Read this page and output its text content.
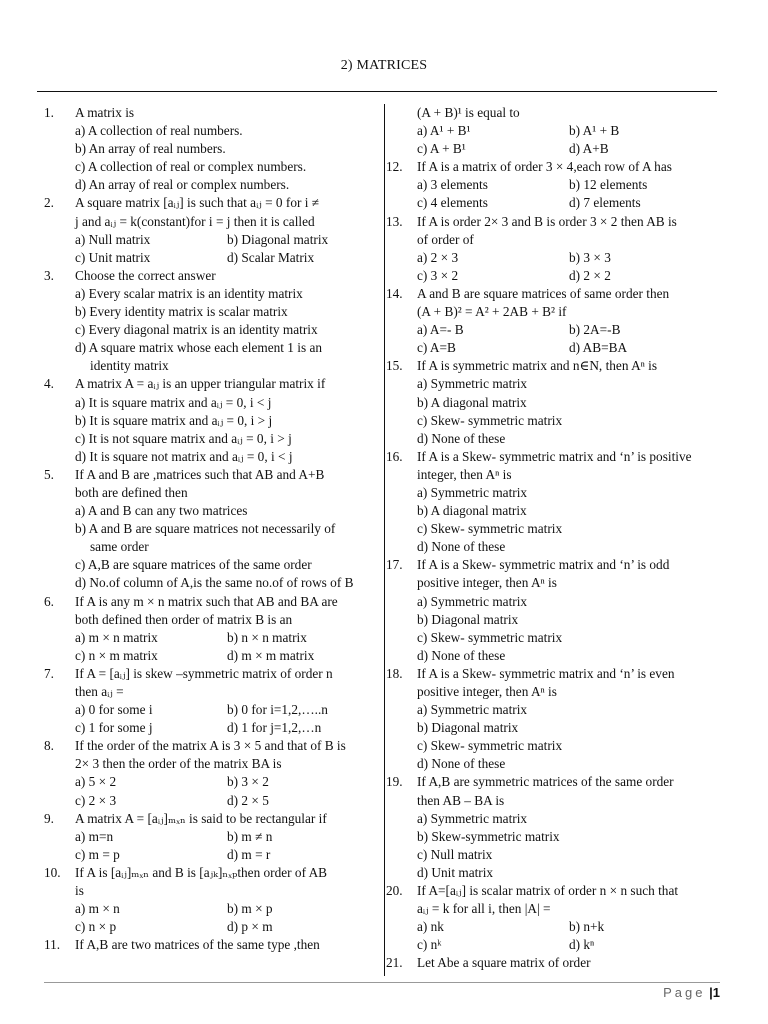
2) MATRICES
1.	A matrix is
a) A collection of real numbers.
b) An array of real numbers.
c) A collection of real or complex numbers.
d) An array of real or complex numbers.
2.	A square matrix [aᵢⱼ] is such that aᵢⱼ = 0 for i ≠
j and aᵢⱼ = k(constant)for i = j then it is called
a) Null matrix	b) Diagonal matrix
c) Unit matrix	d) Scalar Matrix
3.	Choose the correct answer
a) Every scalar matrix is an identity matrix
b) Every identity matrix is scalar matrix
c) Every diagonal matrix is an identity matrix
d) A square matrix whose each element 1 is an
identity matrix
4.	A matrix A = aᵢⱼ is an upper triangular matrix if
a) It is square matrix and aᵢⱼ = 0, i < j
b) It is square matrix and aᵢⱼ = 0, i > j
c) It is not square matrix and aᵢⱼ = 0, i > j
d) It is square not matrix and aᵢⱼ = 0, i < j
5.	If A and B are ,matrices such that AB and A+B
both are defined then
a) A and B can any two matrices
b) A and B are square matrices not necessarily of
same order
c) A,B are square matrices of the same order
d) No.of column of A,is the same no.of of rows of B
6.	If A is any m × n matrix such that AB and BA are
both defined then order of matrix B is an
a) m × n matrix	b) n × n matrix
c) n × m matrix	d) m × m matrix
7.	If A = [aᵢⱼ] is skew –symmetric matrix of order n
then aᵢⱼ =
a) 0 for some i	b) 0 for i=1,2,…..n
c) 1 for some j	d) 1 for j=1,2,…n
8.	If the order of the matrix A is 3 × 5 and that of B is
2× 3 then the order of the matrix BA is
a) 5 × 2	b) 3 × 2
c) 2 × 3	d) 2 × 5
9.	A matrix A = [aᵢⱼ]ₘₓₙ is said to be rectangular if
a) m=n	b) m ≠ n
c) m = p	d) m = r
10.	If A is [aᵢⱼ]ₘₓₙ and B is [aⱼₖ]ₙₓₚthen order of AB
is
a) m × n	b) m × p
c) n × p	d) p × m
11.	If A,B are two matrices of the same type ,then
(A + B)¹ is equal to
a) A¹ + B¹	b) A¹ + B
c) A + B¹	d) A+B
12.	If A is a matrix of order 3 × 4,each row of A has
a) 3 elements	b) 12 elements
c) 4 elements	d) 7 elements
13.	If A is order 2× 3 and B is order 3 × 2 then AB is
of order of
a) 2 × 3	b) 3 × 3
c) 3 × 2	d) 2 × 2
14.	A and B are square matrices of same order then
(A + B)² = A² + 2AB + B² if
a) A=- B	b) 2A=-B
c) A=B	d) AB=BA
15.	If A is symmetric matrix and n∈N, then Aⁿ is
a) Symmetric matrix
b) A diagonal matrix
c) Skew- symmetric matrix
d) None of these
16.	If A is a Skew- symmetric matrix and ‘n’ is positive
integer, then Aⁿ is
a) Symmetric matrix
b) A diagonal matrix
c) Skew- symmetric matrix
d) None of these
17.	If A is a Skew- symmetric matrix and ‘n’ is odd
positive integer, then Aⁿ is
a) Symmetric matrix
b) Diagonal matrix
c) Skew- symmetric matrix
d) None of these
18.	If A is a Skew- symmetric matrix and ‘n’ is even
positive integer, then Aⁿ is
a) Symmetric matrix
b) Diagonal matrix
c) Skew- symmetric matrix
d) None of these
19.	If A,B are symmetric matrices of the same order
then AB – BA is
a) Symmetric matrix
b) Skew-symmetric matrix
c) Null matrix
d) Unit matrix
20.	If A=[aᵢⱼ] is scalar matrix of order n × n such that
aᵢⱼ = k for all i, then |A| =
a) nk	b) n+k
c) nᵏ	d) kⁿ
21.	Let Abe a square matrix of order
Page |1
